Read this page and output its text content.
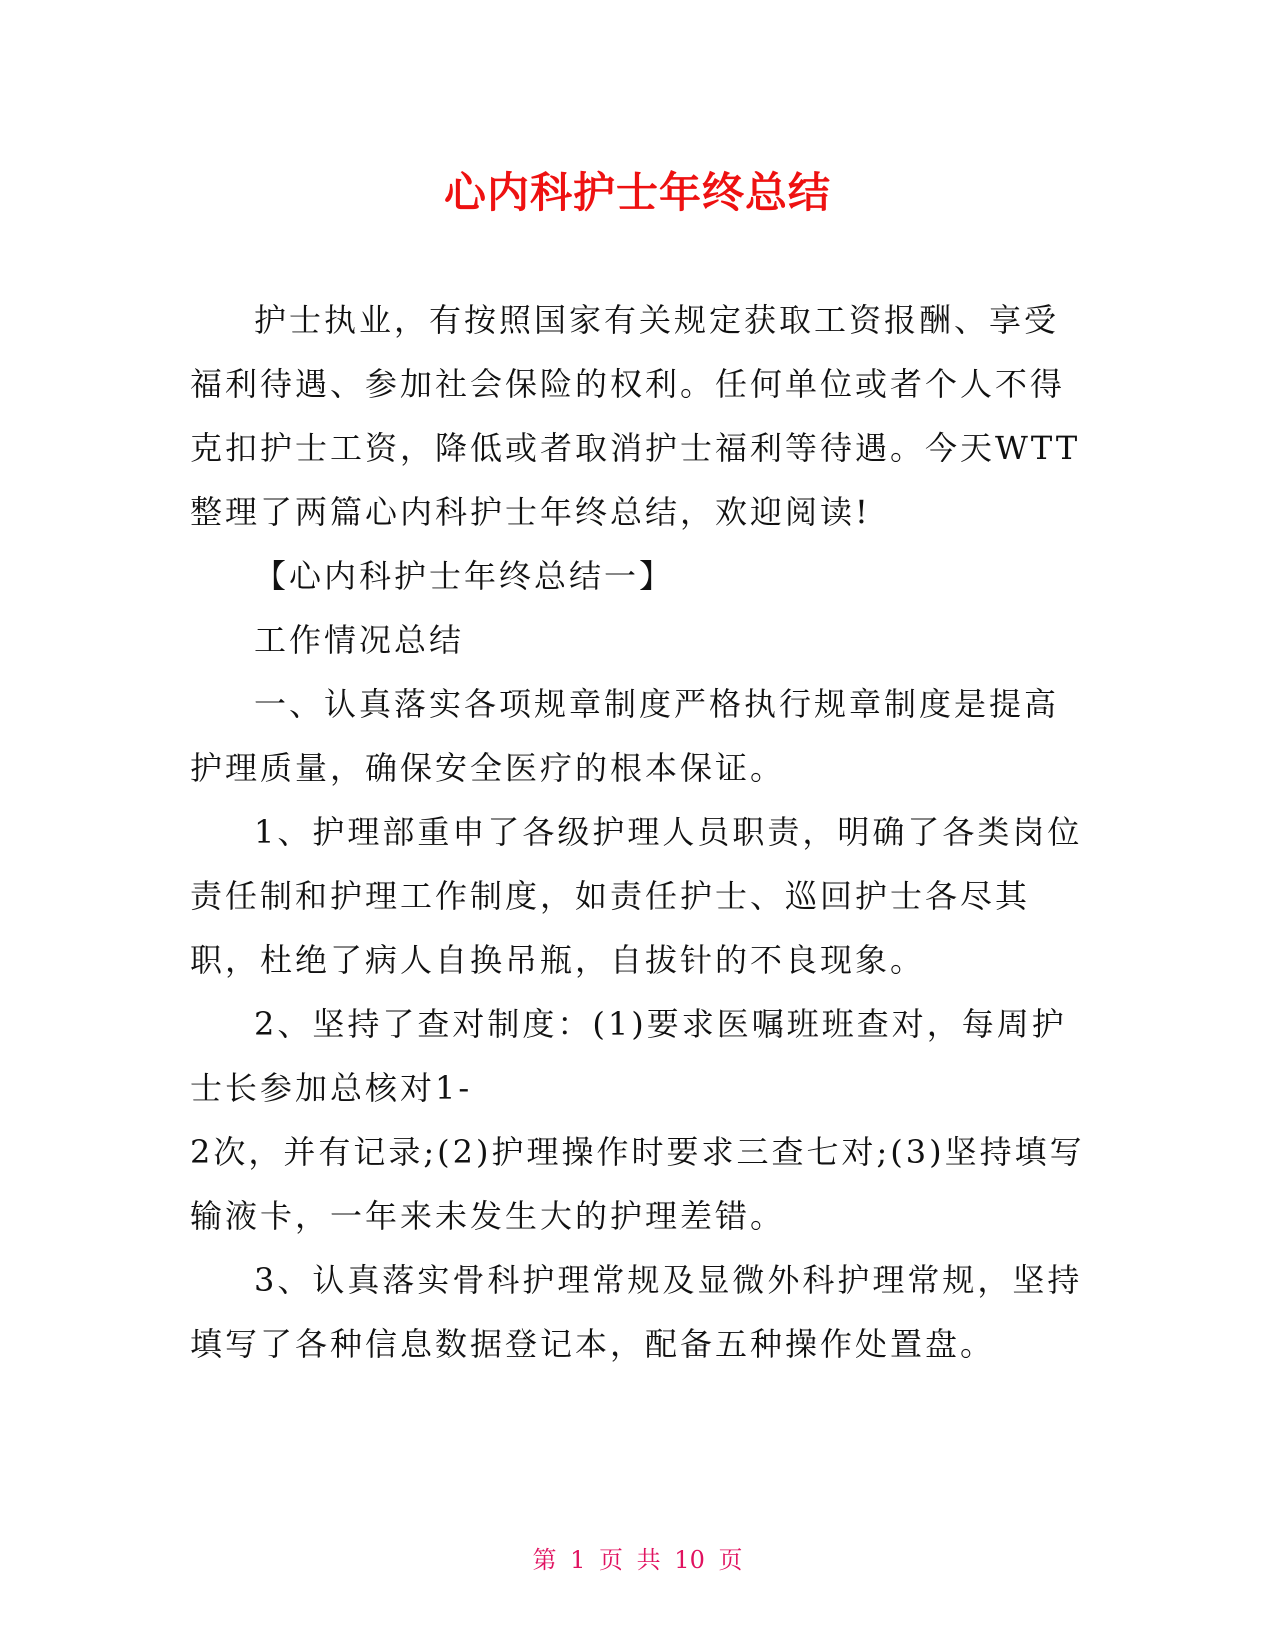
心内科护士年终总结

护士执业，有按照国家有关规定获取工资报酬、享受福利待遇、参加社会保险的权利。任何单位或者个人不得克扣护士工资，降低或者取消护士福利等待遇。今天WTT整理了两篇心内科护士年终总结，欢迎阅读!

【心内科护士年终总结一】

工作情况总结

一、认真落实各项规章制度严格执行规章制度是提高护理质量，确保安全医疗的根本保证。

1、护理部重申了各级护理人员职责，明确了各类岗位责任制和护理工作制度，如责任护士、巡回护士各尽其职，杜绝了病人自换吊瓶，自拔针的不良现象。

2、坚持了查对制度：(1)要求医嘱班班查对，每周护士长参加总核对1-

2次，并有记录;(2)护理操作时要求三查七对;(3)坚持填写输液卡，一年来未发生大的护理差错。

3、认真落实骨科护理常规及显微外科护理常规，坚持填写了各种信息数据登记本，配备五种操作处置盘。

第 1 页 共 10 页
